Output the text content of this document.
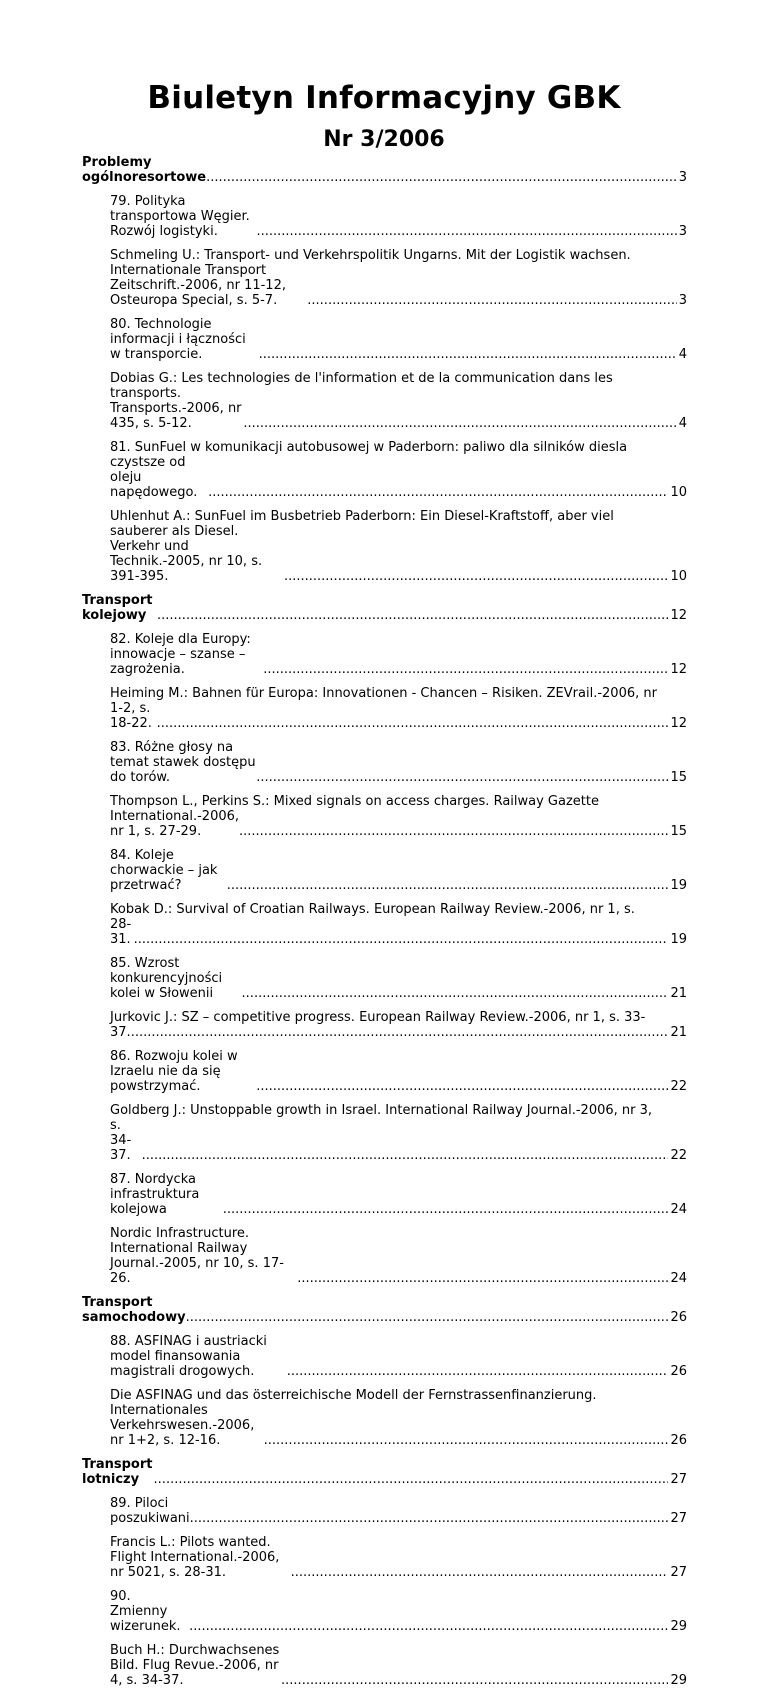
Biuletyn Informacyjny GBK
Nr 3/2006
Problemy ogólnoresortowe .....	3
79. Polityka transportowa Węgier. Rozwój logistyki. .....	3
Schmeling U.: Transport- und Verkehrspolitik Ungarns. Mit der Logistik wachsen.
Internationale Transport Zeitschrift.-2006, nr 11-12, Osteuropa Special, s. 5-7. .....	3
80. Technologie informacji i łączności w transporcie. .....	4
Dobias G.: Les technologies de l'information et de la communication dans les
transports. Transports.-2006, nr 435, s. 5-12. .....	4
81. SunFuel w komunikacji autobusowej w Paderborn: paliwo dla silników diesla
czystsze od oleju napędowego. .....	10
Uhlenhut A.: SunFuel im Busbetrieb Paderborn: Ein Diesel-Kraftstoff, aber viel
sauberer als Diesel. Verkehr und Technik.-2005, nr 10, s. 391-395. .....	10
Transport kolejowy .....	12
82. Koleje dla Europy: innowacje – szanse – zagrożenia. .....	12
Heiming M.: Bahnen für Europa: Innovationen - Chancen – Risiken. ZEVrail.-2006, nr
1-2, s. 18-22. .....	12
83. Różne głosy na temat stawek dostępu do torów. .....	15
Thompson L., Perkins S.: Mixed signals on access charges. Railway Gazette
International.-2006, nr 1, s. 27-29. .....	15
84. Koleje chorwackie – jak przetrwać? .....	19
Kobak D.: Survival of Croatian Railways. European Railway Review.-2006, nr 1, s.
28-31. .....	19
85. Wzrost konkurencyjności kolei w Słowenii .....	21
Jurkovic J.: SZ – competitive progress. European Railway Review.-2006, nr 1, s. 33-
37. .....	21
86. Rozwoju kolei w Izraelu nie da się powstrzymać. .....	22
Goldberg J.: Unstoppable growth in Israel. International Railway Journal.-2006, nr 3,
s. 34-37. .....	22
87. Nordycka infrastruktura kolejowa .....	24
Nordic Infrastructure. International Railway Journal.-2005, nr 10, s. 17-26. .....	24
Transport samochodowy .....	26
88. ASFINAG i austriacki model finansowania magistrali drogowych. .....	26
Die ASFINAG und das österreichische Modell der Fernstrassenfinanzierung.
Internationales Verkehrswesen.-2006, nr 1+2, s. 12-16. .....	26
Transport lotniczy .....	27
89. Piloci poszukiwani. .....	27
Francis L.: Pilots wanted. Flight International.-2006, nr 5021, s. 28-31. .....	27
90. Zmienny wizerunek. .....	29
Buch H.: Durchwachsenes Bild. Flug Revue.-2006, nr 4, s. 34-37. .....	29
